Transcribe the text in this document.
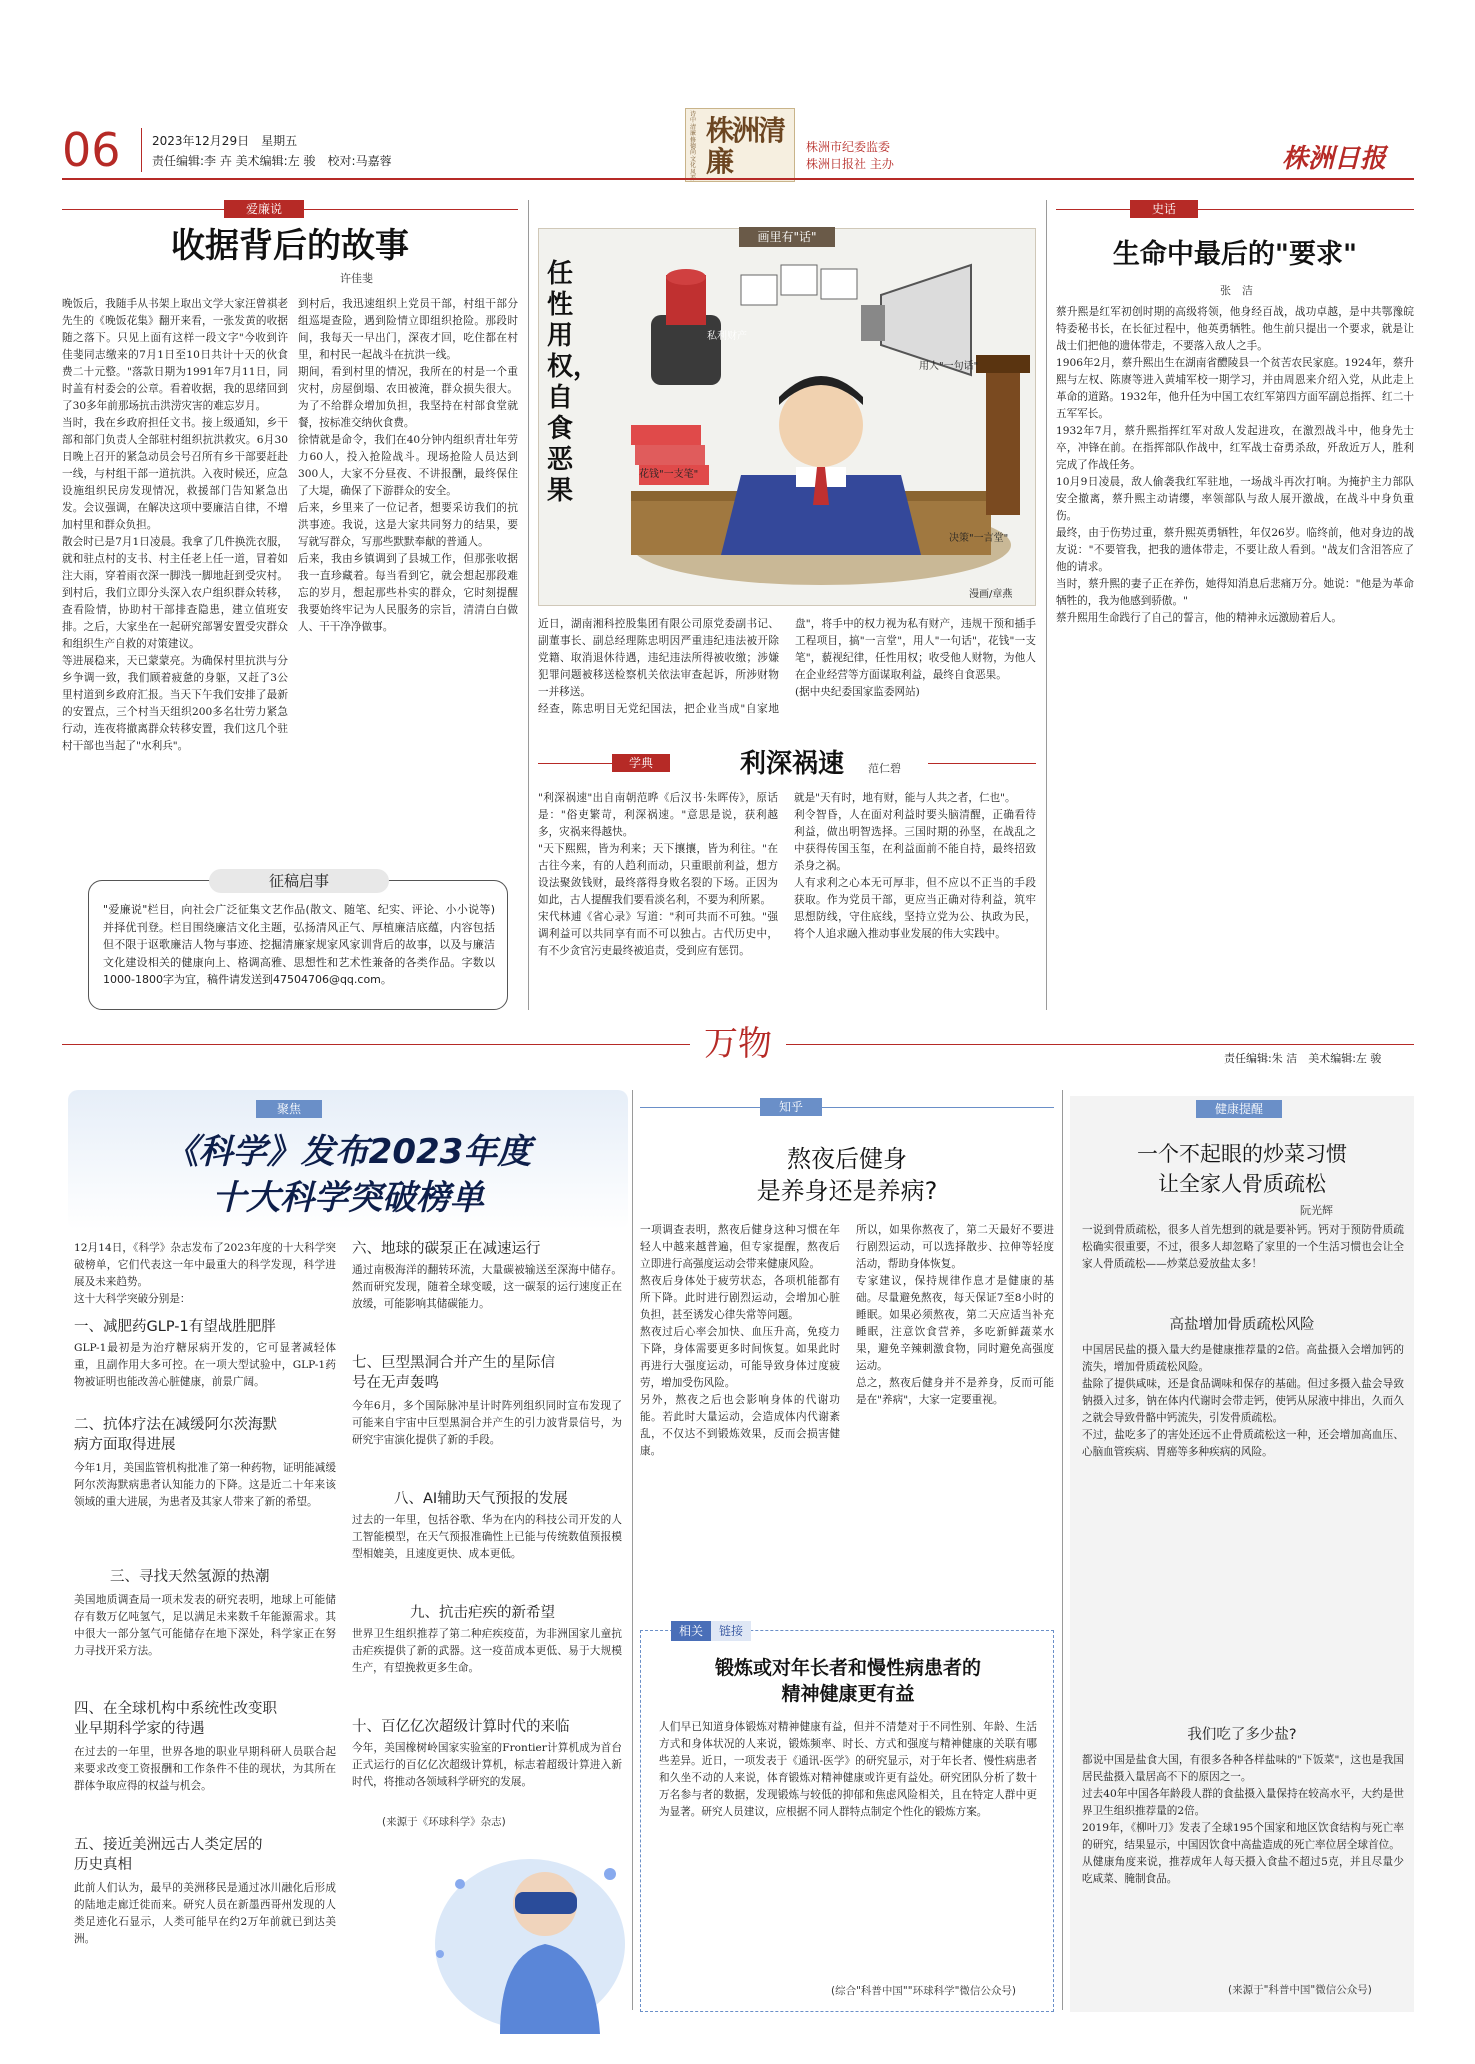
06	2023年12月29日　星期五
责任编辑:李 卉 美术编辑:左 骏　校对:马嘉蓉
诗
中
清
廉
修
德
尚
文
化
风

株洲清廉	株洲市纪委监委
株洲日报社 主办	株洲日报
爱廉说
收据背后的故事
许佳斐
晚饭后，我随手从书架上取出文学大家汪曾祺老先生的《晚饭花集》翻开来看，一张发黄的收据随之落下。只见上面有这样一段文字"今收到许佳斐同志缴来的7月1日至10日共计十天的伙食费二十元整。"落款日期为1991年7月11日，同时盖有村委会的公章。看着收据，我的思绪回到了30多年前那场抗击洪涝灾害的难忘岁月。
当时，我在乡政府担任文书。接上级通知，乡干部和部门负责人全部驻村组织抗洪救灾。6月30日晚上召开的紧急动员会号召所有乡干部要赶赴一线，与村组干部一道抗洪。入夜时候还，应急设施组织民房发现情况，救援部门告知紧急出发。会议强调，在解决这项中要廉洁自律，不增加村里和群众负担。
散会时已是7月1日凌晨。我拿了几件换洗衣服，就和驻点村的支书、村主任老上任一道，冒着如注大雨，穿着雨衣深一脚浅一脚地赶到受灾村。到村后，我们立即分头深入农户组织群众转移，查看险情，协助村干部排查隐患，建立值班安排。之后，大家坐在一起研究部署安置受灾群众和组织生产自救的对策建议。
等进展稳来，天已蒙蒙亮。为确保村里抗洪与分乡争调一致，我们顾着疲惫的身躯，又赶了3公里村道到乡政府汇报。当天下午我们安排了最新的安置点，三个村当天组织200多名壮劳力紧急行动，连夜将撤离群众转移安置，我们这几个驻村干部也当起了"水利兵"。
到村后，我迅速组织上党员干部，村组干部分组巡堤查险，遇到险情立即组织抢险。那段时间，我每天一早出门，深夜才回，吃住都在村里，和村民一起战斗在抗洪一线。
期间，看到村里的情况，我所在的村是一个重灾村，房屋倒塌、农田被淹，群众损失很大。为了不给群众增加负担，我坚持在村部食堂就餐，按标准交纳伙食费。
徐情就是命令，我们在40分钟内组织青壮年劳力60人，投入抢险战斗。现场抢险人员达到300人，大家不分昼夜、不讲报酬，最终保住了大堤，确保了下游群众的安全。
后来，乡里来了一位记者，想要采访我们的抗洪事迹。我说，这是大家共同努力的结果，要写就写群众，写那些默默奉献的普通人。
后来，我由乡镇调到了县城工作，但那张收据我一直珍藏着。每当看到它，就会想起那段难忘的岁月，想起那些朴实的群众，它时刻提醒我要始终牢记为人民服务的宗旨，清清白白做人、干干净净做事。
征稿启事
"爱廉说"栏目，向社会广泛征集文艺作品(散文、随笔、纪实、评论、小小说等)并择优刊登。栏目围绕廉洁文化主题，弘扬清风正气、厚植廉洁底蕴，内容包括但不限于讴歌廉洁人物与事迹、挖掘清廉家规家风家训背后的故事，以及与廉洁文化建设相关的健康向上、格调高雅、思想性和艺术性兼备的各类作品。字数以1000-1800字为宜，稿件请发送到47504706@qq.com。
画里有"话"
任性用权，自食恶果
私利财产
用人"一句话"
花钱"一支笔"
决策"一言堂"
漫画/章燕
近日，湖南湘科控股集团有限公司原党委副书记、副董事长、副总经理陈忠明因严重违纪违法被开除党籍、取消退休待遇，违纪违法所得被收缴；涉嫌犯罪问题被移送检察机关依法审查起诉，所涉财物一并移送。
经查，陈忠明目无党纪国法，把企业当成"自家地盘"，将手中的权力视为私有财产，违规干预和插手工程项目，搞"一言堂"，用人"一句话"，花钱"一支笔"，藐视纪律，任性用权；收受他人财物，为他人在企业经营等方面谋取利益，最终自食恶果。
(据中央纪委国家监委网站)
学典	利深祸速	范仁碧
"利深祸速"出自南朝范晔《后汉书·朱晖传》，原话是："俗吏繁苛，利深祸速。"意思是说，获利越多，灾祸来得越快。
"天下熙熙，皆为利来；天下攘攘，皆为利往。"在古往今来，有的人趋利而动，只重眼前利益，想方设法聚敛钱财，最终落得身败名裂的下场。正因为如此，古人提醒我们要看淡名利，不要为利所累。
宋代林逋《省心录》写道："利可共而不可独。"强调利益可以共同享有而不可以独占。古代历史中，有不少贪官污吏最终被追责，受到应有惩罚。
就是"天有时，地有财，能与人共之者，仁也"。
利令智昏，人在面对利益时要头脑清醒，正确看待利益，做出明智选择。三国时期的孙坚，在战乱之中获得传国玉玺，在利益面前不能自持，最终招致杀身之祸。
人有求利之心本无可厚非，但不应以不正当的手段获取。作为党员干部，更应当正确对待利益，筑牢思想防线，守住底线，坚持立党为公、执政为民，将个人追求融入推动事业发展的伟大实践中。
史话
生命中最后的"要求"
张　洁
蔡升熙是红军初创时期的高级将领，他身经百战，战功卓越，是中共鄂豫皖特委秘书长，在长征过程中，他英勇牺牲。他生前只提出一个要求，就是让战士们把他的遗体带走，不要落入敌人之手。
1906年2月，蔡升熙出生在湖南省醴陵县一个贫苦农民家庭。1924年，蔡升熙与左权、陈赓等进入黄埔军校一期学习，并由周恩来介绍入党，从此走上革命的道路。1932年，他升任为中国工农红军第四方面军副总指挥、红二十五军军长。
1932年7月，蔡升熙指挥红军对敌人发起进攻，在激烈战斗中，他身先士卒，冲锋在前。在指挥部队作战中，红军战士奋勇杀敌，歼敌近万人，胜利完成了作战任务。
10月9日凌晨，敌人偷袭我红军驻地，一场战斗再次打响。为掩护主力部队安全撤离，蔡升熙主动请缨，率领部队与敌人展开激战，在战斗中身负重伤。
最终，由于伤势过重，蔡升熙英勇牺牲，年仅26岁。临终前，他对身边的战友说："不要管我，把我的遗体带走，不要让敌人看到。"战友们含泪答应了他的请求。
当时，蔡升熙的妻子正在养伤，她得知消息后悲痛万分。她说："他是为革命牺牲的，我为他感到骄傲。"
蔡升熙用生命践行了自己的誓言，他的精神永远激励着后人。
万物	责任编辑:朱 洁　美术编辑:左 骏
聚焦
《科学》发布2023年度
十大科学突破榜单
12月14日，《科学》杂志发布了2023年度的十大科学突破榜单，它们代表这一年中最重大的科学发现，科学进展及未来趋势。
这十大科学突破分别是：
一、减肥药GLP-1有望战胜肥胖
GLP-1最初是为治疗糖尿病开发的，它可显著减轻体重，且副作用大多可控。在一项大型试验中，GLP-1药物被证明也能改善心脏健康，前景广阔。
二、抗体疗法在减缓阿尔茨海默
病方面取得进展
今年1月，美国监管机构批准了第一种药物，证明能减缓阿尔茨海默病患者认知能力的下降。这是近二十年来该领域的重大进展，为患者及其家人带来了新的希望。
三、寻找天然氢源的热潮
美国地质调查局一项未发表的研究表明，地球上可能储存有数万亿吨氢气，足以满足未来数千年能源需求。其中很大一部分氢气可能储存在地下深处，科学家正在努力寻找开采方法。
四、在全球机构中系统性改变职
业早期科学家的待遇
在过去的一年里，世界各地的职业早期科研人员联合起来要求改变工资报酬和工作条件不佳的现状，为其所在群体争取应得的权益与机会。
五、接近美洲远古人类定居的
历史真相
此前人们认为，最早的美洲移民是通过冰川融化后形成的陆地走廊迁徙而来。研究人员在新墨西哥州发现的人类足迹化石显示，人类可能早在约2万年前就已到达美洲。
六、地球的碳泵正在减速运行
通过南极海洋的翻转环流，大量碳被输送至深海中储存。然而研究发现，随着全球变暖，这一碳泵的运行速度正在放缓，可能影响其储碳能力。
七、巨型黑洞合并产生的星际信
号在无声轰鸣
今年6月，多个国际脉冲星计时阵列组织同时宣布发现了可能来自宇宙中巨型黑洞合并产生的引力波背景信号，为研究宇宙演化提供了新的手段。
八、AI辅助天气预报的发展
过去的一年里，包括谷歌、华为在内的科技公司开发的人工智能模型，在天气预报准确性上已能与传统数值预报模型相媲美，且速度更快、成本更低。
九、抗击疟疾的新希望
世界卫生组织推荐了第二种疟疾疫苗，为非洲国家儿童抗击疟疾提供了新的武器。这一疫苗成本更低、易于大规模生产，有望挽救更多生命。
十、百亿亿次超级计算时代的来临
今年，美国橡树岭国家实验室的Frontier计算机成为首台正式运行的百亿亿次超级计算机，标志着超级计算进入新时代，将推动各领域科学研究的发展。
(来源于《环球科学》杂志)
知乎
熬夜后健身
是养身还是养病?
一项调查表明，熬夜后健身这种习惯在年轻人中越来越普遍，但专家提醒，熬夜后立即进行高强度运动会带来健康风险。
熬夜后身体处于疲劳状态，各项机能都有所下降。此时进行剧烈运动，会增加心脏负担，甚至诱发心律失常等问题。
熬夜过后心率会加快、血压升高，免疫力下降，身体需要更多时间恢复。如果此时再进行大强度运动，可能导致身体过度疲劳，增加受伤风险。
另外，熬夜之后也会影响身体的代谢功能。若此时大量运动，会造成体内代谢紊乱，不仅达不到锻炼效果，反而会损害健康。
所以，如果你熬夜了，第二天最好不要进行剧烈运动，可以选择散步、拉伸等轻度活动，帮助身体恢复。
专家建议，保持规律作息才是健康的基础。尽量避免熬夜，每天保证7至8小时的睡眠。如果必须熬夜，第二天应适当补充睡眠，注意饮食营养，多吃新鲜蔬菜水果，避免辛辣刺激食物，同时避免高强度运动。
总之，熬夜后健身并不是养身，反而可能是在"养病"，大家一定要重视。
相关	链接
锻炼或对年长者和慢性病患者的
精神健康更有益
人们早已知道身体锻炼对精神健康有益，但并不清楚对于不同性别、年龄、生活方式和身体状况的人来说，锻炼频率、时长、方式和强度与精神健康的关联有哪些差异。近日，一项发表于《通讯-医学》的研究显示，对于年长者、慢性病患者和久坐不动的人来说，体育锻炼对精神健康或许更有益处。研究团队分析了数十万名参与者的数据，发现锻炼与较低的抑郁和焦虑风险相关，且在特定人群中更为显著。研究人员建议，应根据不同人群特点制定个性化的锻炼方案。
(综合"科普中国""环球科学"微信公众号)
健康提醒
一个不起眼的炒菜习惯
让全家人骨质疏松
阮光辉
一说到骨质疏松，很多人首先想到的就是要补钙。钙对于预防骨质疏松确实很重要，不过，很多人却忽略了家里的一个生活习惯也会让全家人骨质疏松——炒菜总爱放盐太多！
高盐增加骨质疏松风险
中国居民盐的摄入量大约是健康推荐量的2倍。高盐摄入会增加钙的流失，增加骨质疏松风险。
盐除了提供咸味，还是食品调味和保存的基础。但过多摄入盐会导致钠摄入过多，钠在体内代谢时会带走钙，使钙从尿液中排出，久而久之就会导致骨骼中钙流失，引发骨质疏松。
不过，盐吃多了的害处还远不止骨质疏松这一种，还会增加高血压、心脑血管疾病、胃癌等多种疾病的风险。
我们吃了多少盐?
都说中国是盐食大国，有很多各种各样盐味的"下饭菜"，这也是我国居民盐摄入量居高不下的原因之一。
过去40年中国各年龄段人群的食盐摄入量保持在较高水平，大约是世界卫生组织推荐量的2倍。
2019年，《柳叶刀》发表了全球195个国家和地区饮食结构与死亡率的研究，结果显示，中国因饮食中高盐造成的死亡率位居全球首位。
从健康角度来说，推荐成年人每天摄入食盐不超过5克，并且尽量少吃咸菜、腌制食品。
(来源于"科普中国"微信公众号)
